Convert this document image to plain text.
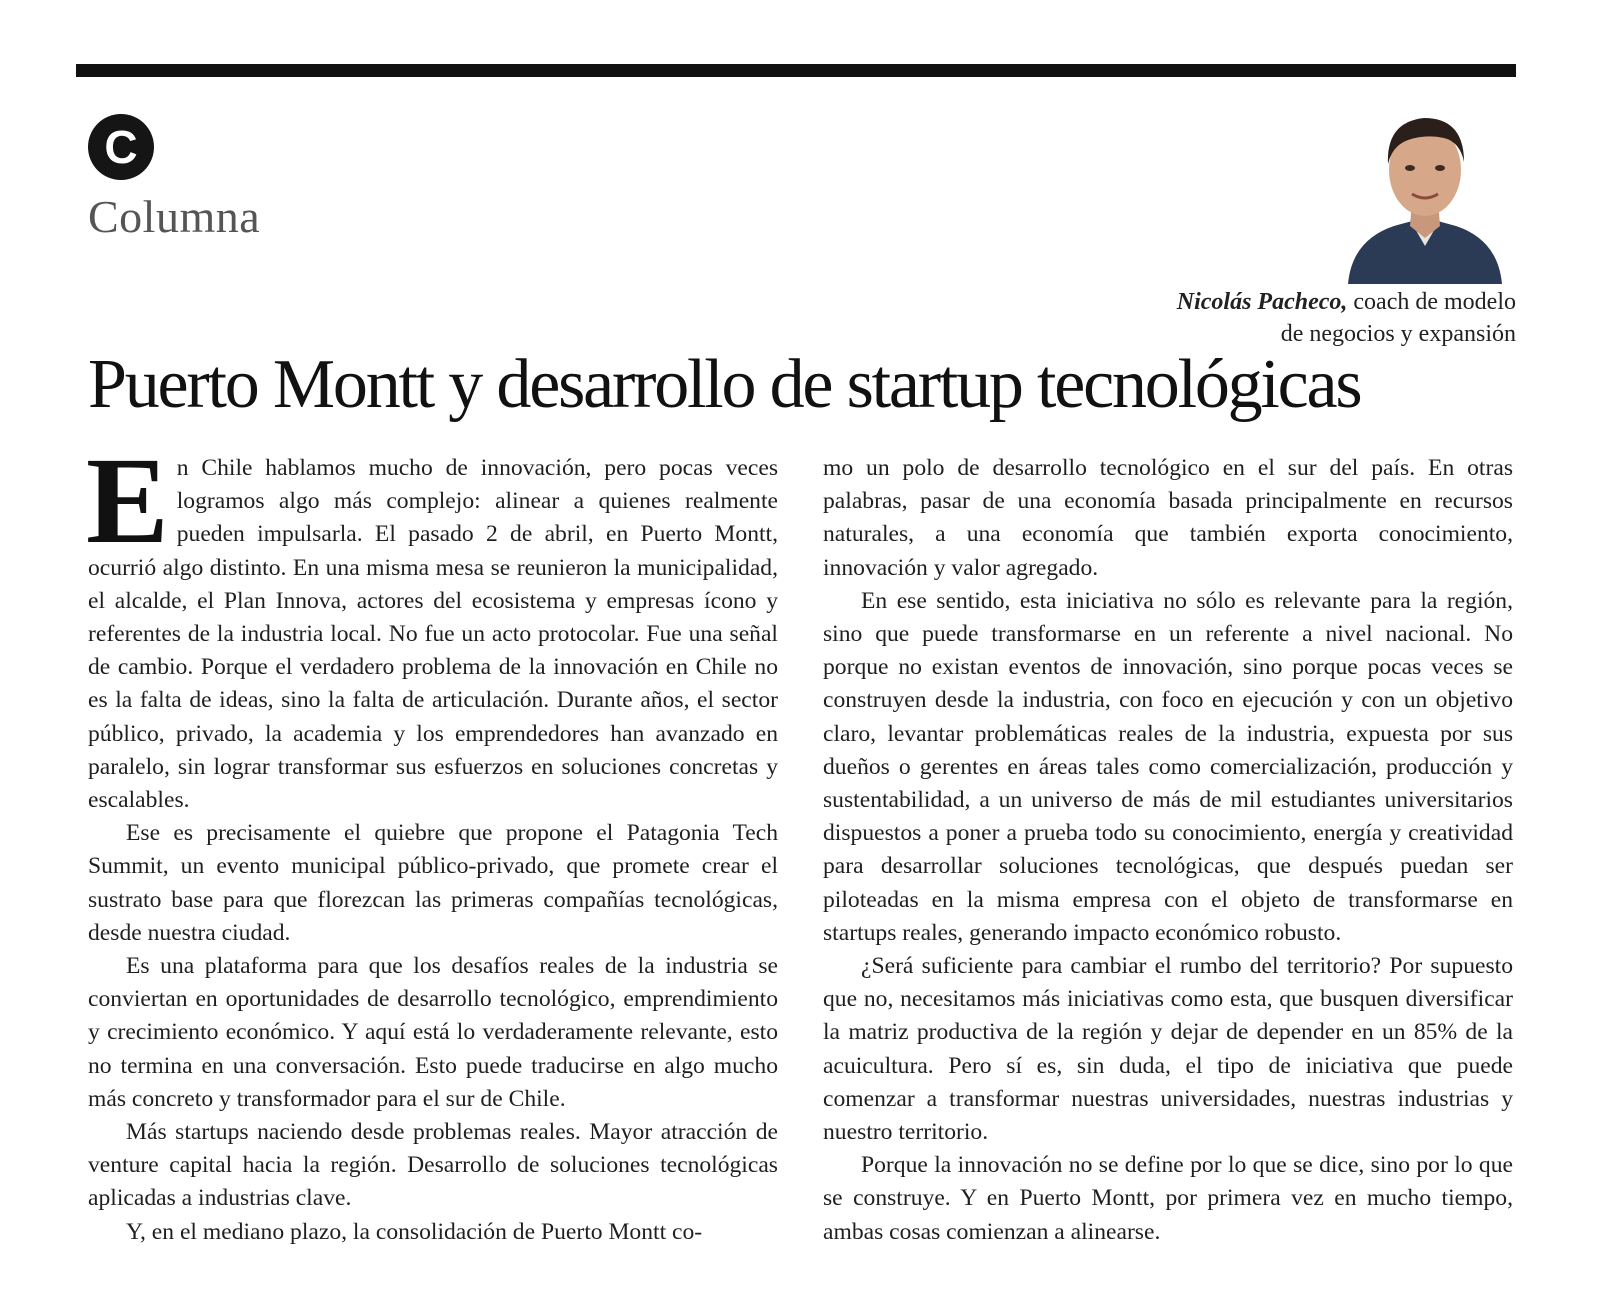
C
Columna
Nicolás Pacheco, coach de modelo
de negocios y expansión
Puerto Montt y desarrollo de startup tecnológicas

En Chile hablamos mucho de innovación, pero pocas veces logramos algo más complejo: alinear a quienes realmente pueden impulsarla. El pasado 2 de abril, en Puerto Montt, ocurrió algo distinto. En una misma mesa se reunieron la municipalidad, el alcalde, el Plan Innova, actores del ecosistema y empresas ícono y referentes de la industria local. No fue un acto protocolar. Fue una señal de cambio. Porque el verdadero problema de la innovación en Chile no es la falta de ideas, sino la falta de articulación. Durante años, el sector público, privado, la academia y los emprendedores han avanzado en paralelo, sin lograr transformar sus esfuerzos en soluciones concretas y escalables.

Ese es precisamente el quiebre que propone el Patagonia Tech Summit, un evento municipal público-privado, que promete crear el sustrato base para que florezcan las primeras compañías tecnológicas, desde nuestra ciudad.

Es una plataforma para que los desafíos reales de la industria se conviertan en oportunidades de desarrollo tecnológico, emprendimiento y crecimiento económico. Y aquí está lo verdaderamente relevante, esto no termina en una conversación. Esto puede traducirse en algo mucho más concreto y transformador para el sur de Chile.

Más startups naciendo desde problemas reales. Mayor atracción de venture capital hacia la región. Desarrollo de soluciones tecnológicas aplicadas a industrias clave.

Y, en el mediano plazo, la consolidación de Puerto Montt co-

mo un polo de desarrollo tecnológico en el sur del país. En otras palabras, pasar de una economía basada principalmente en recursos naturales, a una economía que también exporta conocimiento, innovación y valor agregado.

En ese sentido, esta iniciativa no sólo es relevante para la región, sino que puede transformarse en un referente a nivel nacional. No porque no existan eventos de innovación, sino porque pocas veces se construyen desde la industria, con foco en ejecución y con un objetivo claro, levantar problemáticas reales de la industria, expuesta por sus dueños o gerentes en áreas tales como comercialización, producción y sustentabilidad, a un universo de más de mil estudiantes universitarios dispuestos a poner a prueba todo su conocimiento, energía y creatividad para desarrollar soluciones tecnológicas, que después puedan ser piloteadas en la misma empresa con el objeto de transformarse en startups reales, generando impacto económico robusto.

¿Será suficiente para cambiar el rumbo del territorio? Por supuesto que no, necesitamos más iniciativas como esta, que busquen diversificar la matriz productiva de la región y dejar de depender en un 85% de la acuicultura. Pero sí es, sin duda, el tipo de iniciativa que puede comenzar a transformar nuestras universidades, nuestras industrias y nuestro territorio.

Porque la innovación no se define por lo que se dice, sino por lo que se construye. Y en Puerto Montt, por primera vez en mucho tiempo, ambas cosas comienzan a alinearse.
